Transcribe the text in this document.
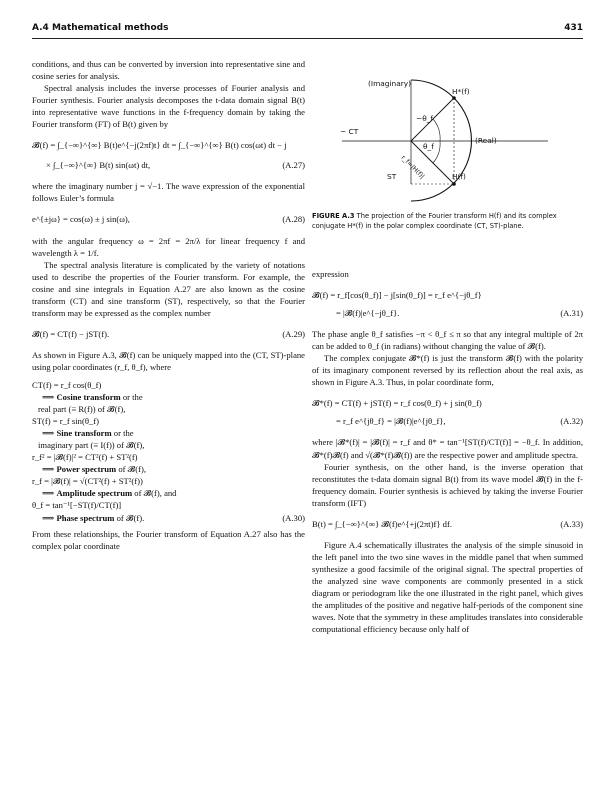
A.4 Mathematical methods	431

conditions, and thus can be converted by inversion into representative sine and cosine series for analysis.

Spectral analysis includes the inverse processes of Fourier analysis and Fourier synthesis. Fourier analysis decomposes the t-data domain signal B(t) into representative wave functions in the f-frequency domain by taking the Fourier transform (FT) of B(t) given by

𝓑(f) = ∫_{−∞}^{∞} B(t)e^{−j(2πf)t} dt = ∫_{−∞}^{∞} B(t) cos(ωt) dt − j
× ∫_{−∞}^{∞} B(t) sin(ωt) dt,	(A.27)

where the imaginary number j = √−1. The wave expression of the exponential follows Euler’s formula

e^{±jω} = cos(ω) ± j sin(ω),	(A.28)

with the angular frequency ω = 2πf = 2π/λ for linear frequency f and wavelength λ = 1/f.

The spectral analysis literature is complicated by the variety of notations used to describe the properties of the Fourier transform. For example, the cosine and sine integrals in Equation A.27 are also known as the cosine transform (CT) and sine transform (ST), respectively, so that the Fourier transform may be expressed as the complex number

𝓑(f) = CT(f) − jST(f).	(A.29)

As shown in Figure A.3, 𝓑(f) can be uniquely mapped into the (CT, ST)-plane using polar coordinates (r_f, θ_f), where

CT(f) = r_f cos(θ_f)
⟹ Cosine transform or the
real part (≡ R(f)) of 𝓑(f),
ST(f) = r_f sin(θ_f)
⟹ Sine transform or the
imaginary part (≡ I(f)) of 𝓑(f),
r_f² = |𝓑(f)|² = CT²(f) + ST²(f)
⟹ Power spectrum of 𝓑(f),
r_f = |𝓑(f)| = √(CT²(f) + ST²(f))
⟹ Amplitude spectrum of 𝓑(f), and
θ_f = tan⁻¹[−ST(f)/CT(f)]
⟹ Phase spectrum of 𝓑(f).	(A.30)

From these relationships, the Fourier transform of Equation A.27 also has the complex polar coordinate

(Imaginary)
(Real)
− CT
ST
H*(f)
H(f)
−θ_f
θ_f
r_f=|H(f)|
FIGURE A.3 The projection of the Fourier transform H(f) and its complex conjugate H*(f) in the polar complex coordinate (CT, ST)-plane.

expression

𝓑(f) = r_f[cos(θ_f)] − j[sin(θ_f)] = r_f e^{−jθ_f}
= |𝓑(f)|e^{−jθ_f}.	(A.31)

The phase angle θ_f satisfies −π < θ_f ≤ π so that any integral multiple of 2π can be added to θ_f (in radians) without changing the value of 𝓑(f).

The complex conjugate 𝓑*(f) is just the transform 𝓑(f) with the polarity of its imaginary component reversed by its reflection about the real axis, as shown in Figure A.3. Thus, in polar coordinate form,

𝓑*(f) = CT(f) + jST(f) = r_f cos(θ_f) + j sin(θ_f)
= r_f e^{jθ_f} = |𝓑(f)|e^{jθ_f},	(A.32)

where |𝓑*(f)| = |𝓑(f)| = r_f and θ* = tan⁻¹[ST(f)/CT(f)] = −θ_f. In addition, 𝓑*(f)𝓑(f) and √(𝓑*(f)𝓑(f)) are the respective power and amplitude spectra.

Fourier synthesis, on the other hand, is the inverse operation that reconstitutes the t-data domain signal B(t) from its wave model 𝓑(f) in the f-frequency domain. Fourier synthesis is achieved by taking the inverse Fourier transform (IFT)

B(t) = ∫_{−∞}^{∞} 𝓑(f)e^{+j(2πt)f} df.	(A.33)

Figure A.4 schematically illustrates the analysis of the simple sinusoid in the left panel into the two sine waves in the middle panel that when summed synthesize a good facsimile of the original signal. The spectral properties of the analyzed sine wave components are commonly presented in a stick diagram or periodogram like the one illustrated in the right panel, which gives the amplitudes of the positive and negative half-periods of the component sine waves. Note that the symmetry in these amplitudes translates into considerable computational efficiency because only half of
